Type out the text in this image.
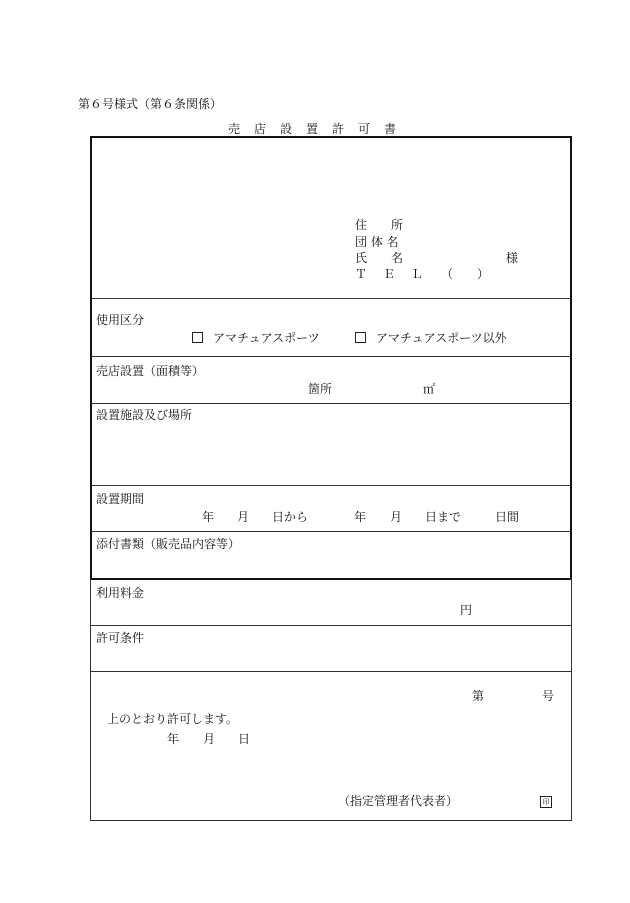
第６号様式（第６条関係）
売　店　設　置　許　可　書
住　　所
団 体 名
氏　　名	様
Ｔ　Ｅ　Ｌ （　　）
使用区分
アマチュアスポーツ	アマチュアスポーツ以外
売店設置（面積等）
箇所	㎡
設置施設及び場所
設置期間
年 月 日から	年 月 日まで	日間
添付書類（販売品内容等）
利用料金
円
許可条件
第	号
上のとおり許可します。
年 月 日
（指定管理者代表者）	印
